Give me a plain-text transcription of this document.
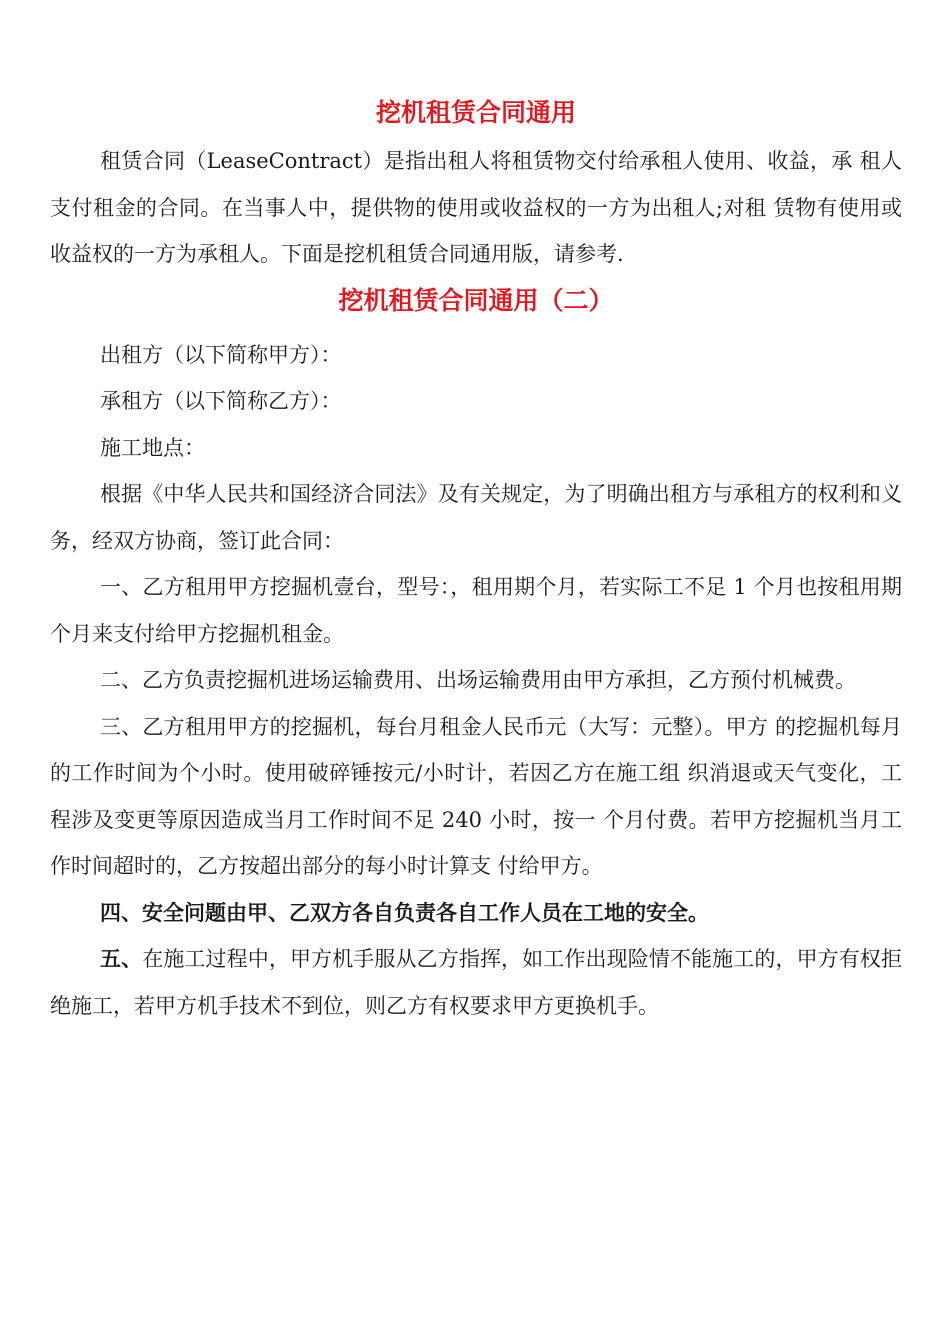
挖机租赁合同通用

租赁合同（LeaseContract）是指出租人将租赁物交付给承租人使用、收益，承 租人支付租金的合同。在当事人中，提供物的使用或收益权的一方为出租人;对租 赁物有使用或收益权的一方为承租人。下面是挖机租赁合同通用版，请参考.

挖机租赁合同通用（二）

出租方（以下简称甲方）：

承租方（以下简称乙方）：

施工地点：

根据《中华人民共和国经济合同法》及有关规定，为了明确出租方与承租方的权利和义务，经双方协商，签订此合同：

一、乙方租用甲方挖掘机壹台，型号：，租用期个月，若实际工不足 1 个月也按租用期个月来支付给甲方挖掘机租金。

二、乙方负责挖掘机进场运输费用、出场运输费用由甲方承担，乙方预付机械费。

三、乙方租用甲方的挖掘机，每台月租金人民币元（大写：元整）。甲方 的挖掘机每月的工作时间为个小时。使用破碎锤按元/小时计，若因乙方在施工组 织消退或天气变化，工程涉及变更等原因造成当月工作时间不足 240 小时，按一 个月付费。若甲方挖掘机当月工作时间超时的，乙方按超出部分的每小时计算支 付给甲方。

四、安全问题由甲、乙双方各自负责各自工作人员在工地的安全。

五、在施工过程中，甲方机手服从乙方指挥，如工作出现险情不能施工的，甲方有权拒绝施工，若甲方机手技术不到位，则乙方有权要求甲方更换机手。
